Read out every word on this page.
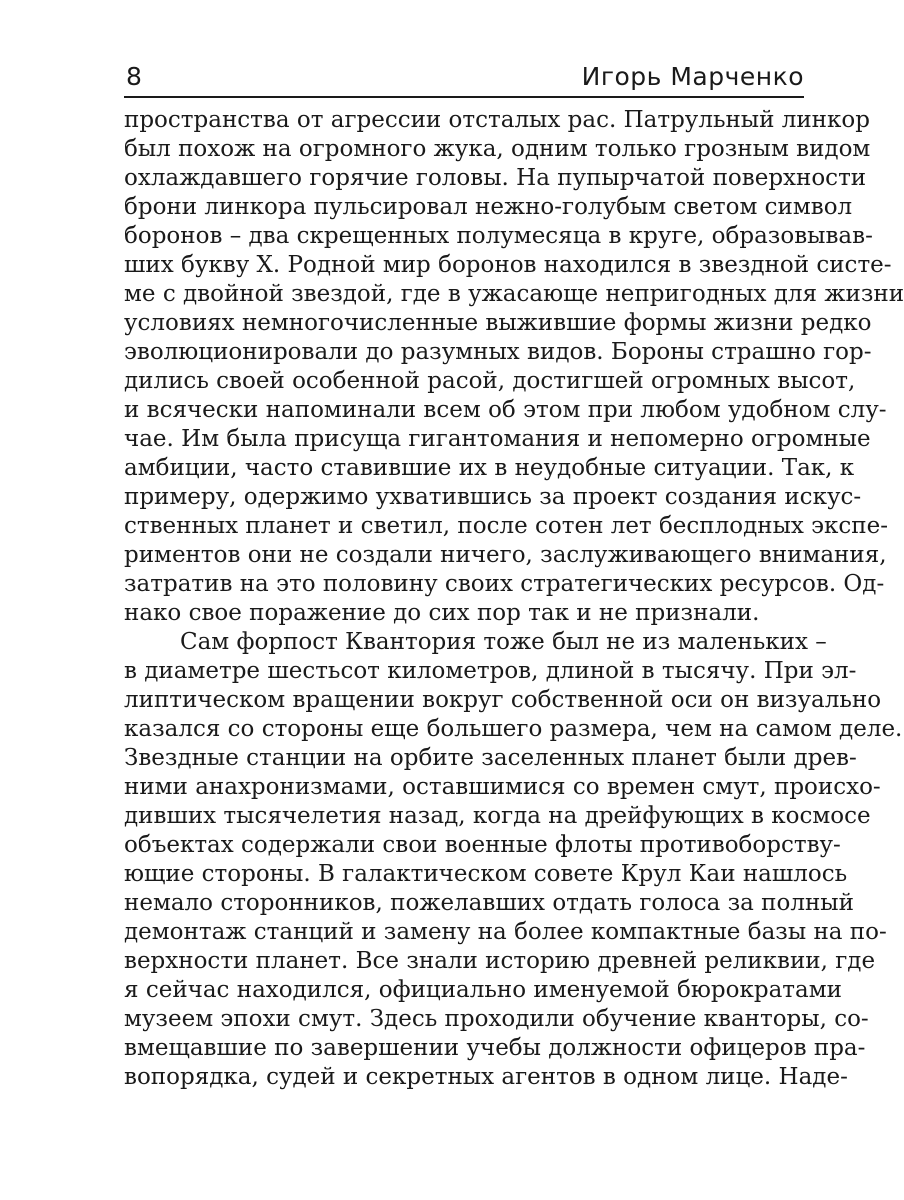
8	Игорь Марченко
пространства от агрессии отсталых рас. Патрульный линкор
был похож на огромного жука, одним только грозным видом
охлаждавшего горячие головы. На пупырчатой поверхности
брони линкора пульсировал нежно-голубым светом символ
боронов – два скрещенных полумесяца в круге, образовывав-
ших букву X. Родной мир боронов находился в звездной систе-
ме с двойной звездой, где в ужасающе непригодных для жизни
условиях немногочисленные выжившие формы жизни редко
эволюционировали до разумных видов. Бороны страшно гор-
дились своей особенной расой, достигшей огромных высот,
и всячески напоминали всем об этом при любом удобном слу-
чае. Им была присуща гигантомания и непомерно огромные
амбиции, часто ставившие их в неудобные ситуации. Так, к
примеру, одержимо ухватившись за проект создания искус-
ственных планет и светил, после сотен лет бесплодных экспе-
риментов они не создали ничего, заслуживающего внимания,
затратив на это половину своих стратегических ресурсов. Од-
нако свое поражение до сих пор так и не признали.
Сам форпост Квантория тоже был не из маленьких –
в диаметре шестьсот километров, длиной в тысячу. При эл-
липтическом вращении вокруг собственной оси он визуально
казался со стороны еще большего размера, чем на самом деле.
Звездные станции на орбите заселенных планет были древ-
ними анахронизмами, оставшимися со времен смут, происхо-
дивших тысячелетия назад, когда на дрейфующих в космосе
объектах содержали свои военные флоты противоборству-
ющие стороны. В галактическом совете Крул Каи нашлось
немало сторонников, пожелавших отдать голоса за полный
демонтаж станций и замену на более компактные базы на по-
верхности планет. Все знали историю древней реликвии, где
я сейчас находился, официально именуемой бюрократами
музеем эпохи смут. Здесь проходили обучение кванторы, со-
вмещавшие по завершении учебы должности офицеров пра-
вопорядка, судей и секретных агентов в одном лице. Наде-
